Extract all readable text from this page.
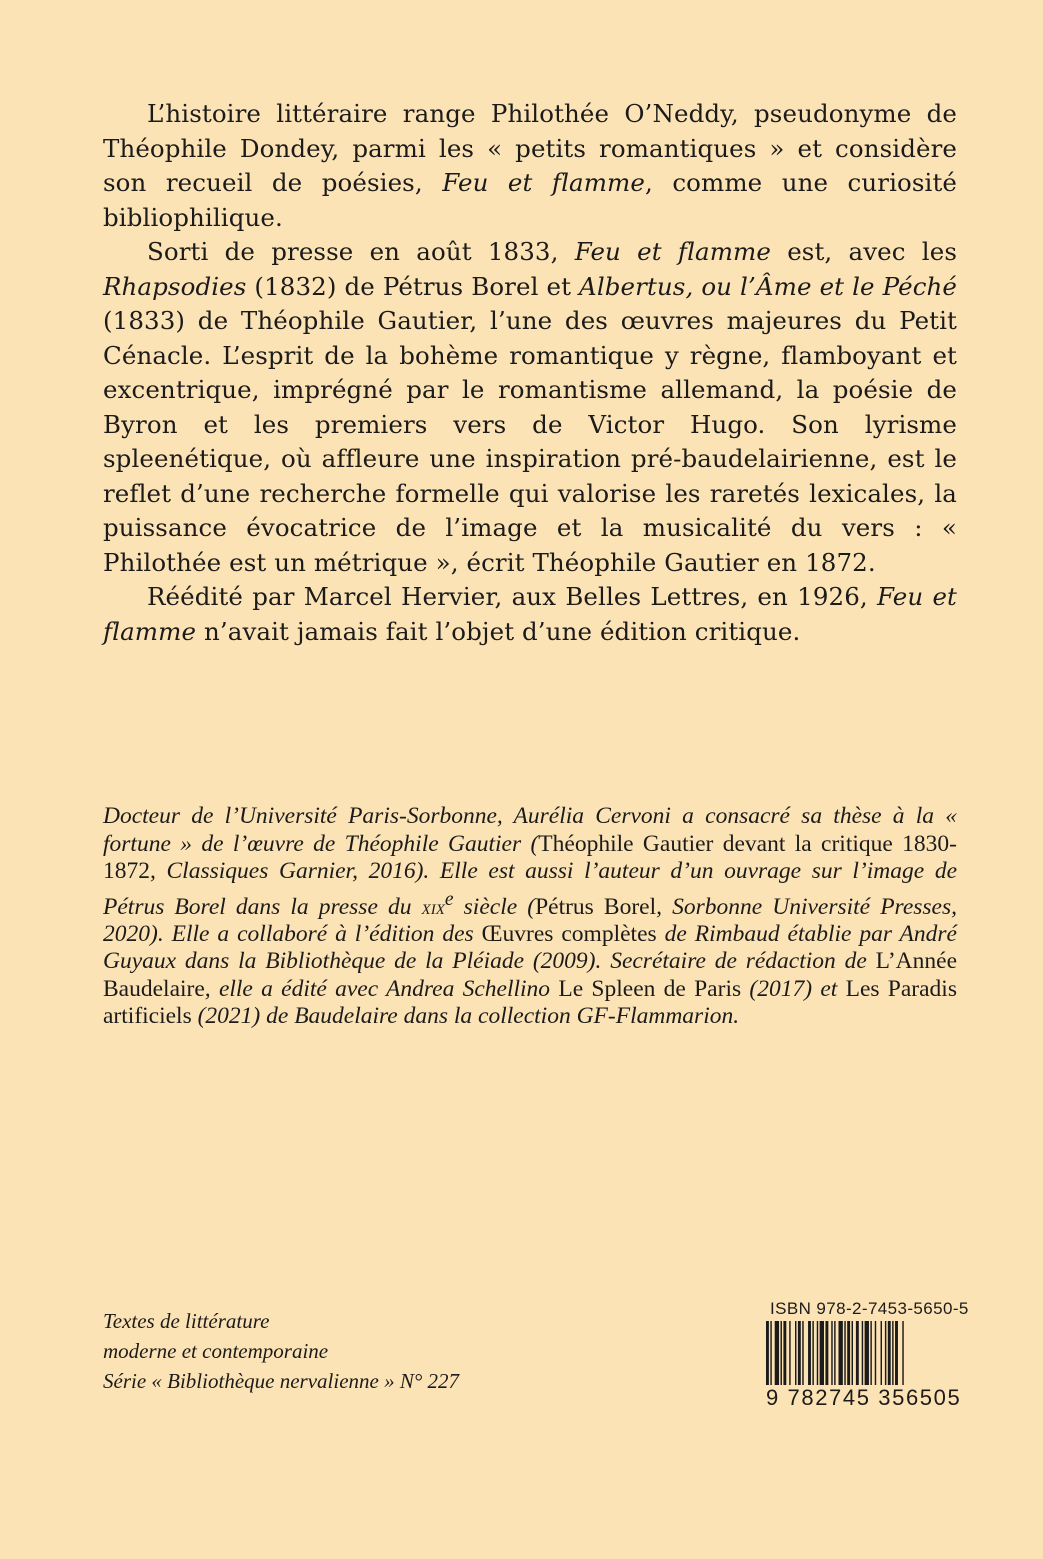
L’histoire littéraire range Philothée O’Neddy, pseudonyme de Théophile Dondey, parmi les « petits romantiques » et considère son recueil de poésies, Feu et flamme, comme une curiosité bibliophilique.

Sorti de presse en août 1833, Feu et flamme est, avec les Rhapsodies (1832) de Pétrus Borel et Albertus, ou l’Âme et le Péché (1833) de Théophile Gautier, l’une des œuvres majeures du Petit Cénacle. L’esprit de la bohème romantique y règne, flamboyant et excentrique, imprégné par le romantisme allemand, la poésie de Byron et les premiers vers de Victor Hugo. Son lyrisme spleenétique, où affleure une inspiration pré-baudelairienne, est le reflet d’une recherche formelle qui valorise les raretés lexicales, la puissance évocatrice de l’image et la musicalité du vers : « Philothée est un métrique », écrit Théophile Gautier en 1872.

Réédité par Marcel Hervier, aux Belles Lettres, en 1926, Feu et flamme n’avait jamais fait l’objet d’une édition critique.

Docteur de l’Université Paris-Sorbonne, Aurélia Cervoni a consacré sa thèse à la « fortune » de l’œuvre de Théophile Gautier (Théophile Gautier devant la critique 1830-1872, Classiques Garnier, 2016). Elle est aussi l’auteur d’un ouvrage sur l’image de Pétrus Borel dans la presse du xix$^e$ siècle (Pétrus Borel, Sorbonne Université Presses, 2020). Elle a collaboré à l’édition des Œuvres complètes de Rimbaud établie par André Guyaux dans la Bibliothèque de la Pléiade (2009). Secrétaire de rédaction de L’Année Baudelaire, elle a édité avec Andrea Schellino Le Spleen de Paris (2017) et Les Paradis artificiels (2021) de Baudelaire dans la collection GF-Flammarion.

Textes de littérature
moderne et contemporaine
Série « Bibliothèque nervalienne » N° 227
ISBN 978-2-7453-5650-5
9 782745 356505
